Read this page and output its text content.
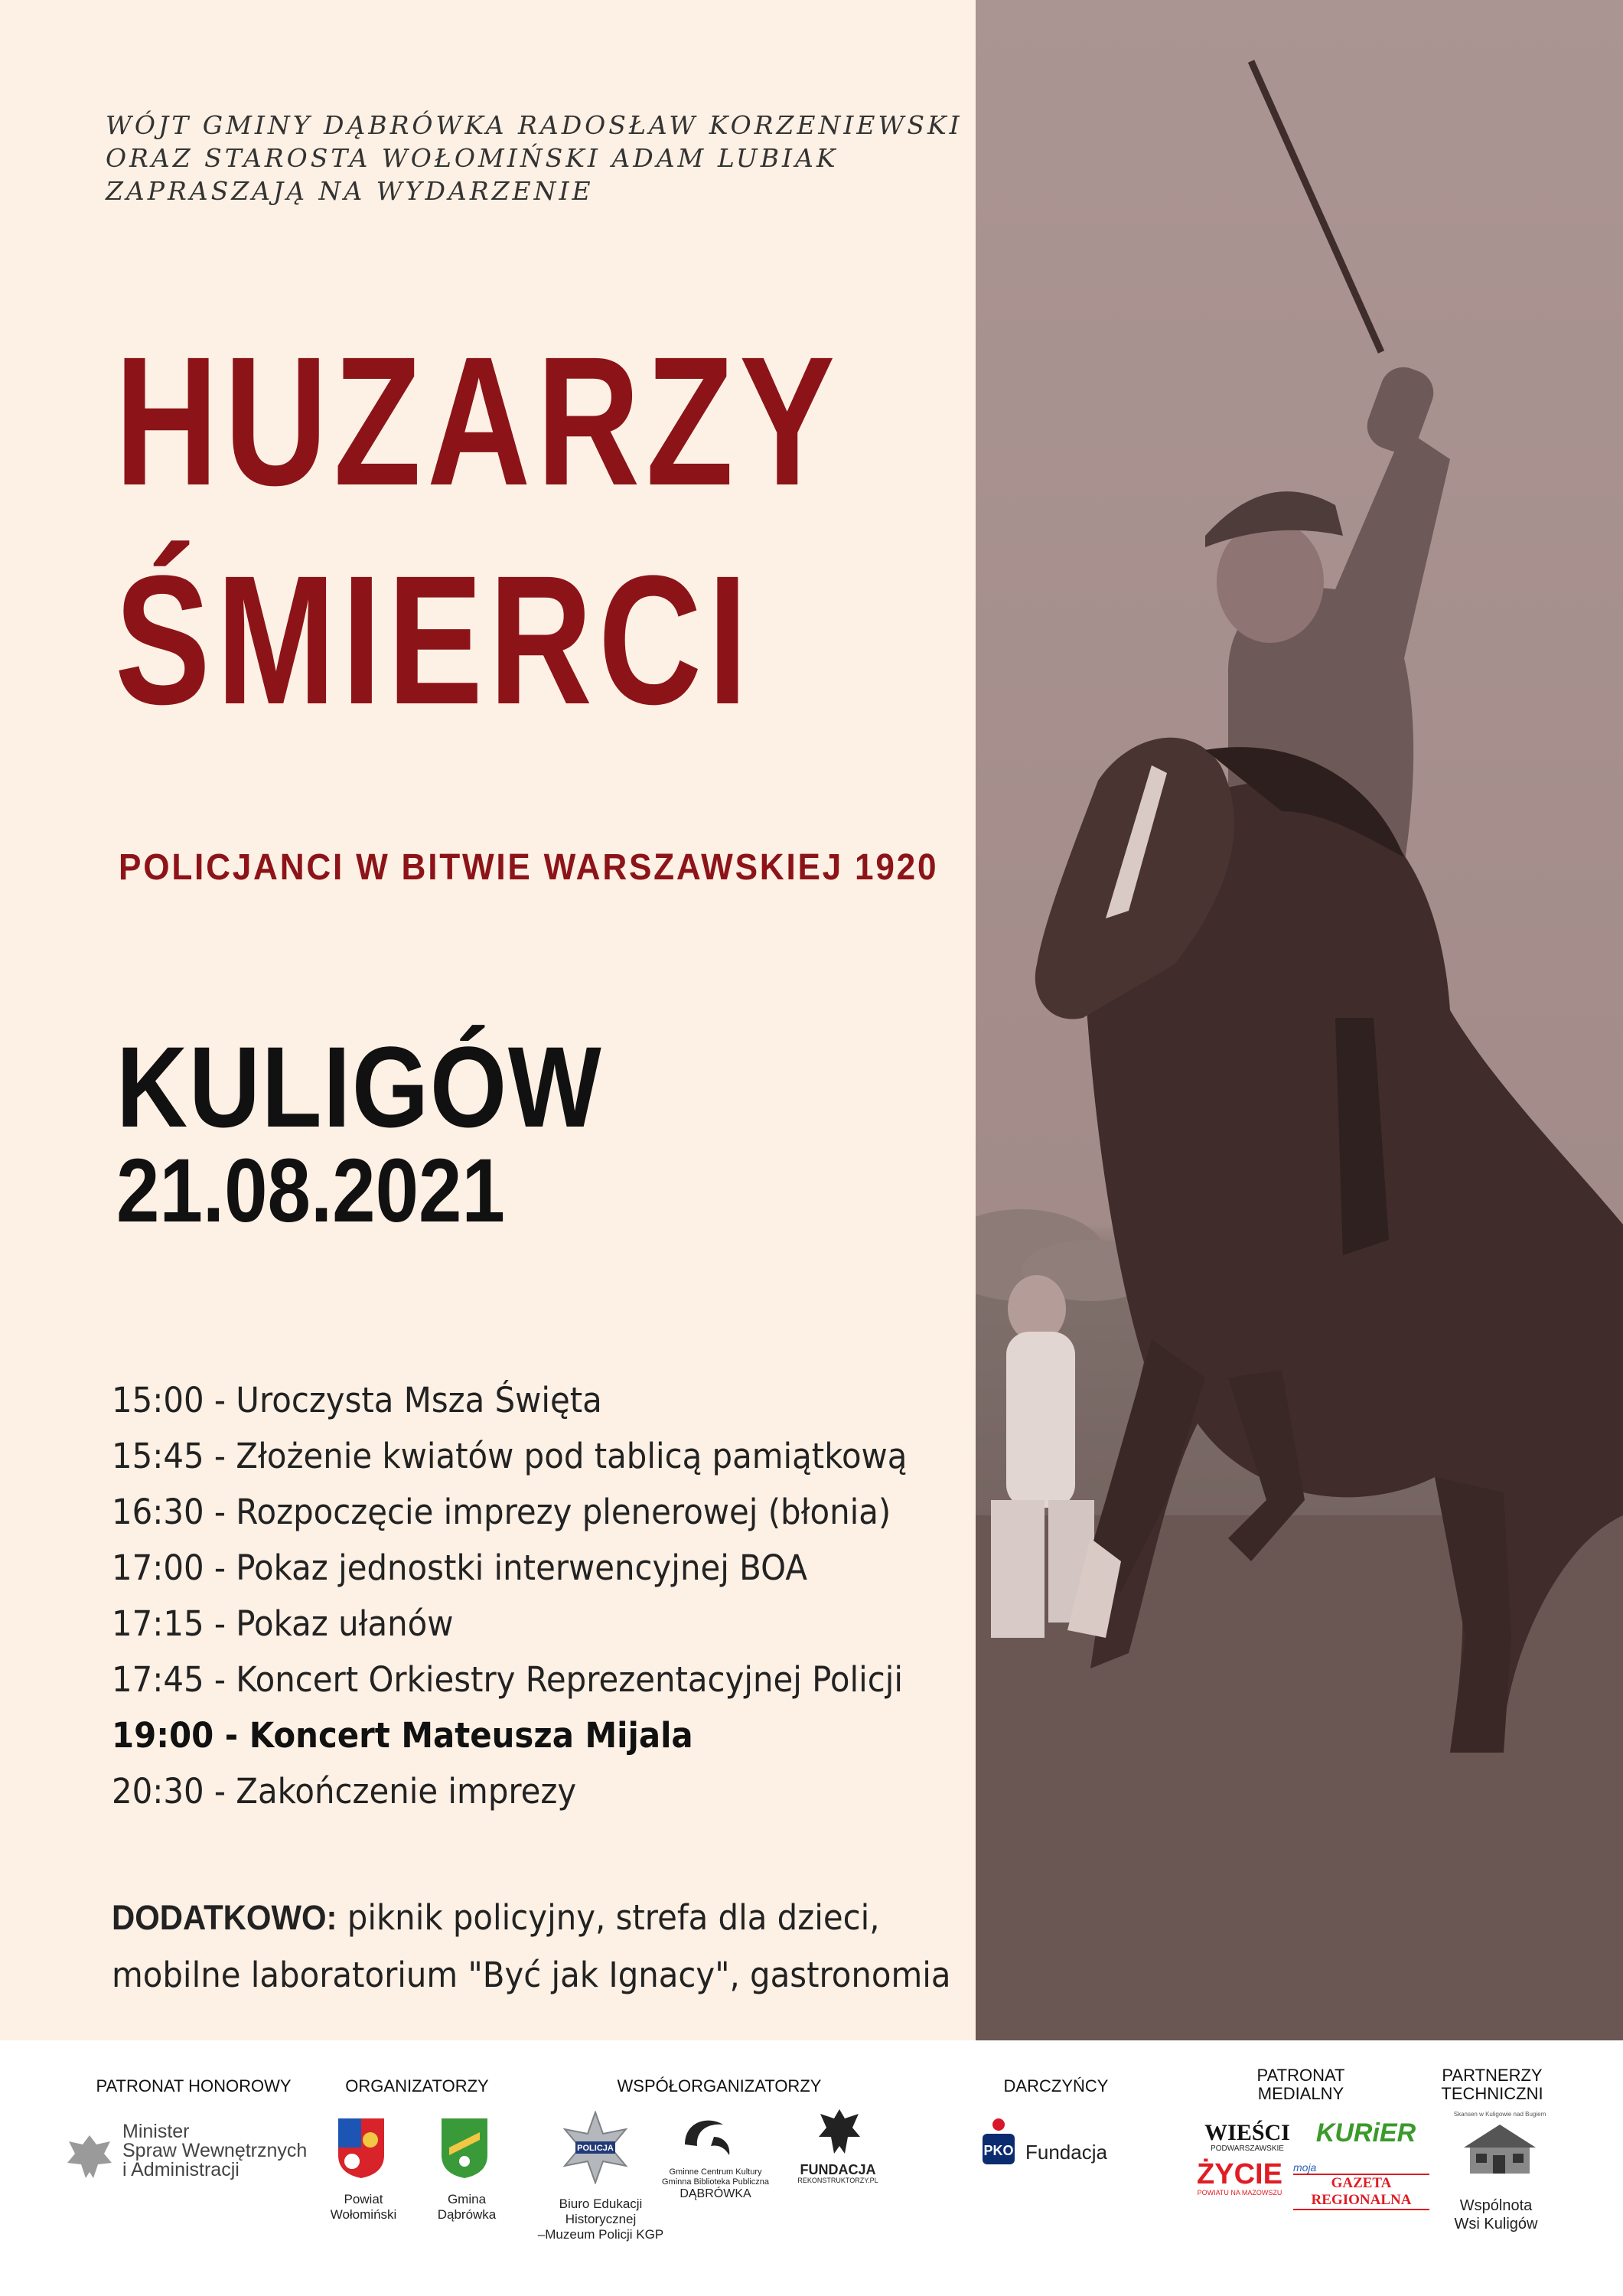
WÓJT GMINY DĄBRÓWKA RADOSŁAW KORZENIEWSKI
ORAZ STAROSTA WOŁOMIŃSKI ADAM LUBIAK
ZAPRASZAJĄ NA WYDARZENIE
HUZARZY
ŚMIERCI
POLICJANCI W BITWIE WARSZAWSKIEJ 1920
KULIGÓW
21.08.2021
15:00 - Uroczysta Msza Święta
15:45 - Złożenie kwiatów pod tablicą pamiątkową
16:30 - Rozpoczęcie imprezy plenerowej (błonia)
17:00 - Pokaz jednostki interwencyjnej BOA
17:15 - Pokaz ułanów
17:45 - Koncert Orkiestry Reprezentacyjnej Policji
19:00 - Koncert Mateusza Mijala
20:30 - Zakończenie imprezy
DODATKOWO: piknik policyjny, strefa dla dzieci,
mobilne laboratorium "Być jak Ignacy", gastronomia
PATRONAT HONOROWY	ORGANIZATORZY	WSPÓŁORGANIZATORZY	DARCZYŃCY
PATRONAT
MEDIALNY
PARTNERZY
TECHNICZNI
Minister
Spraw Wewnętrznych
i Administracji
Powiat
Wołomiński
Gmina
Dąbrówka
POLICJA
Biuro Edukacji
Historycznej
–Muzeum Policji KGP
Gminne Centrum Kultury
Gminna Biblioteka Publiczna
DĄBRÓWKA
FUNDACJA
REKONSTRUKTORZY.PL
PKO Fundacja
WIEŚCI
PODWARSZAWSKIE
KURiER
ŻYCIE
POWIATU NA MAZOWSZU
moja
GAZETA REGIONALNA
Skansen w Kuligowie nad Bugiem
Wspólnota
Wsi Kuligów
